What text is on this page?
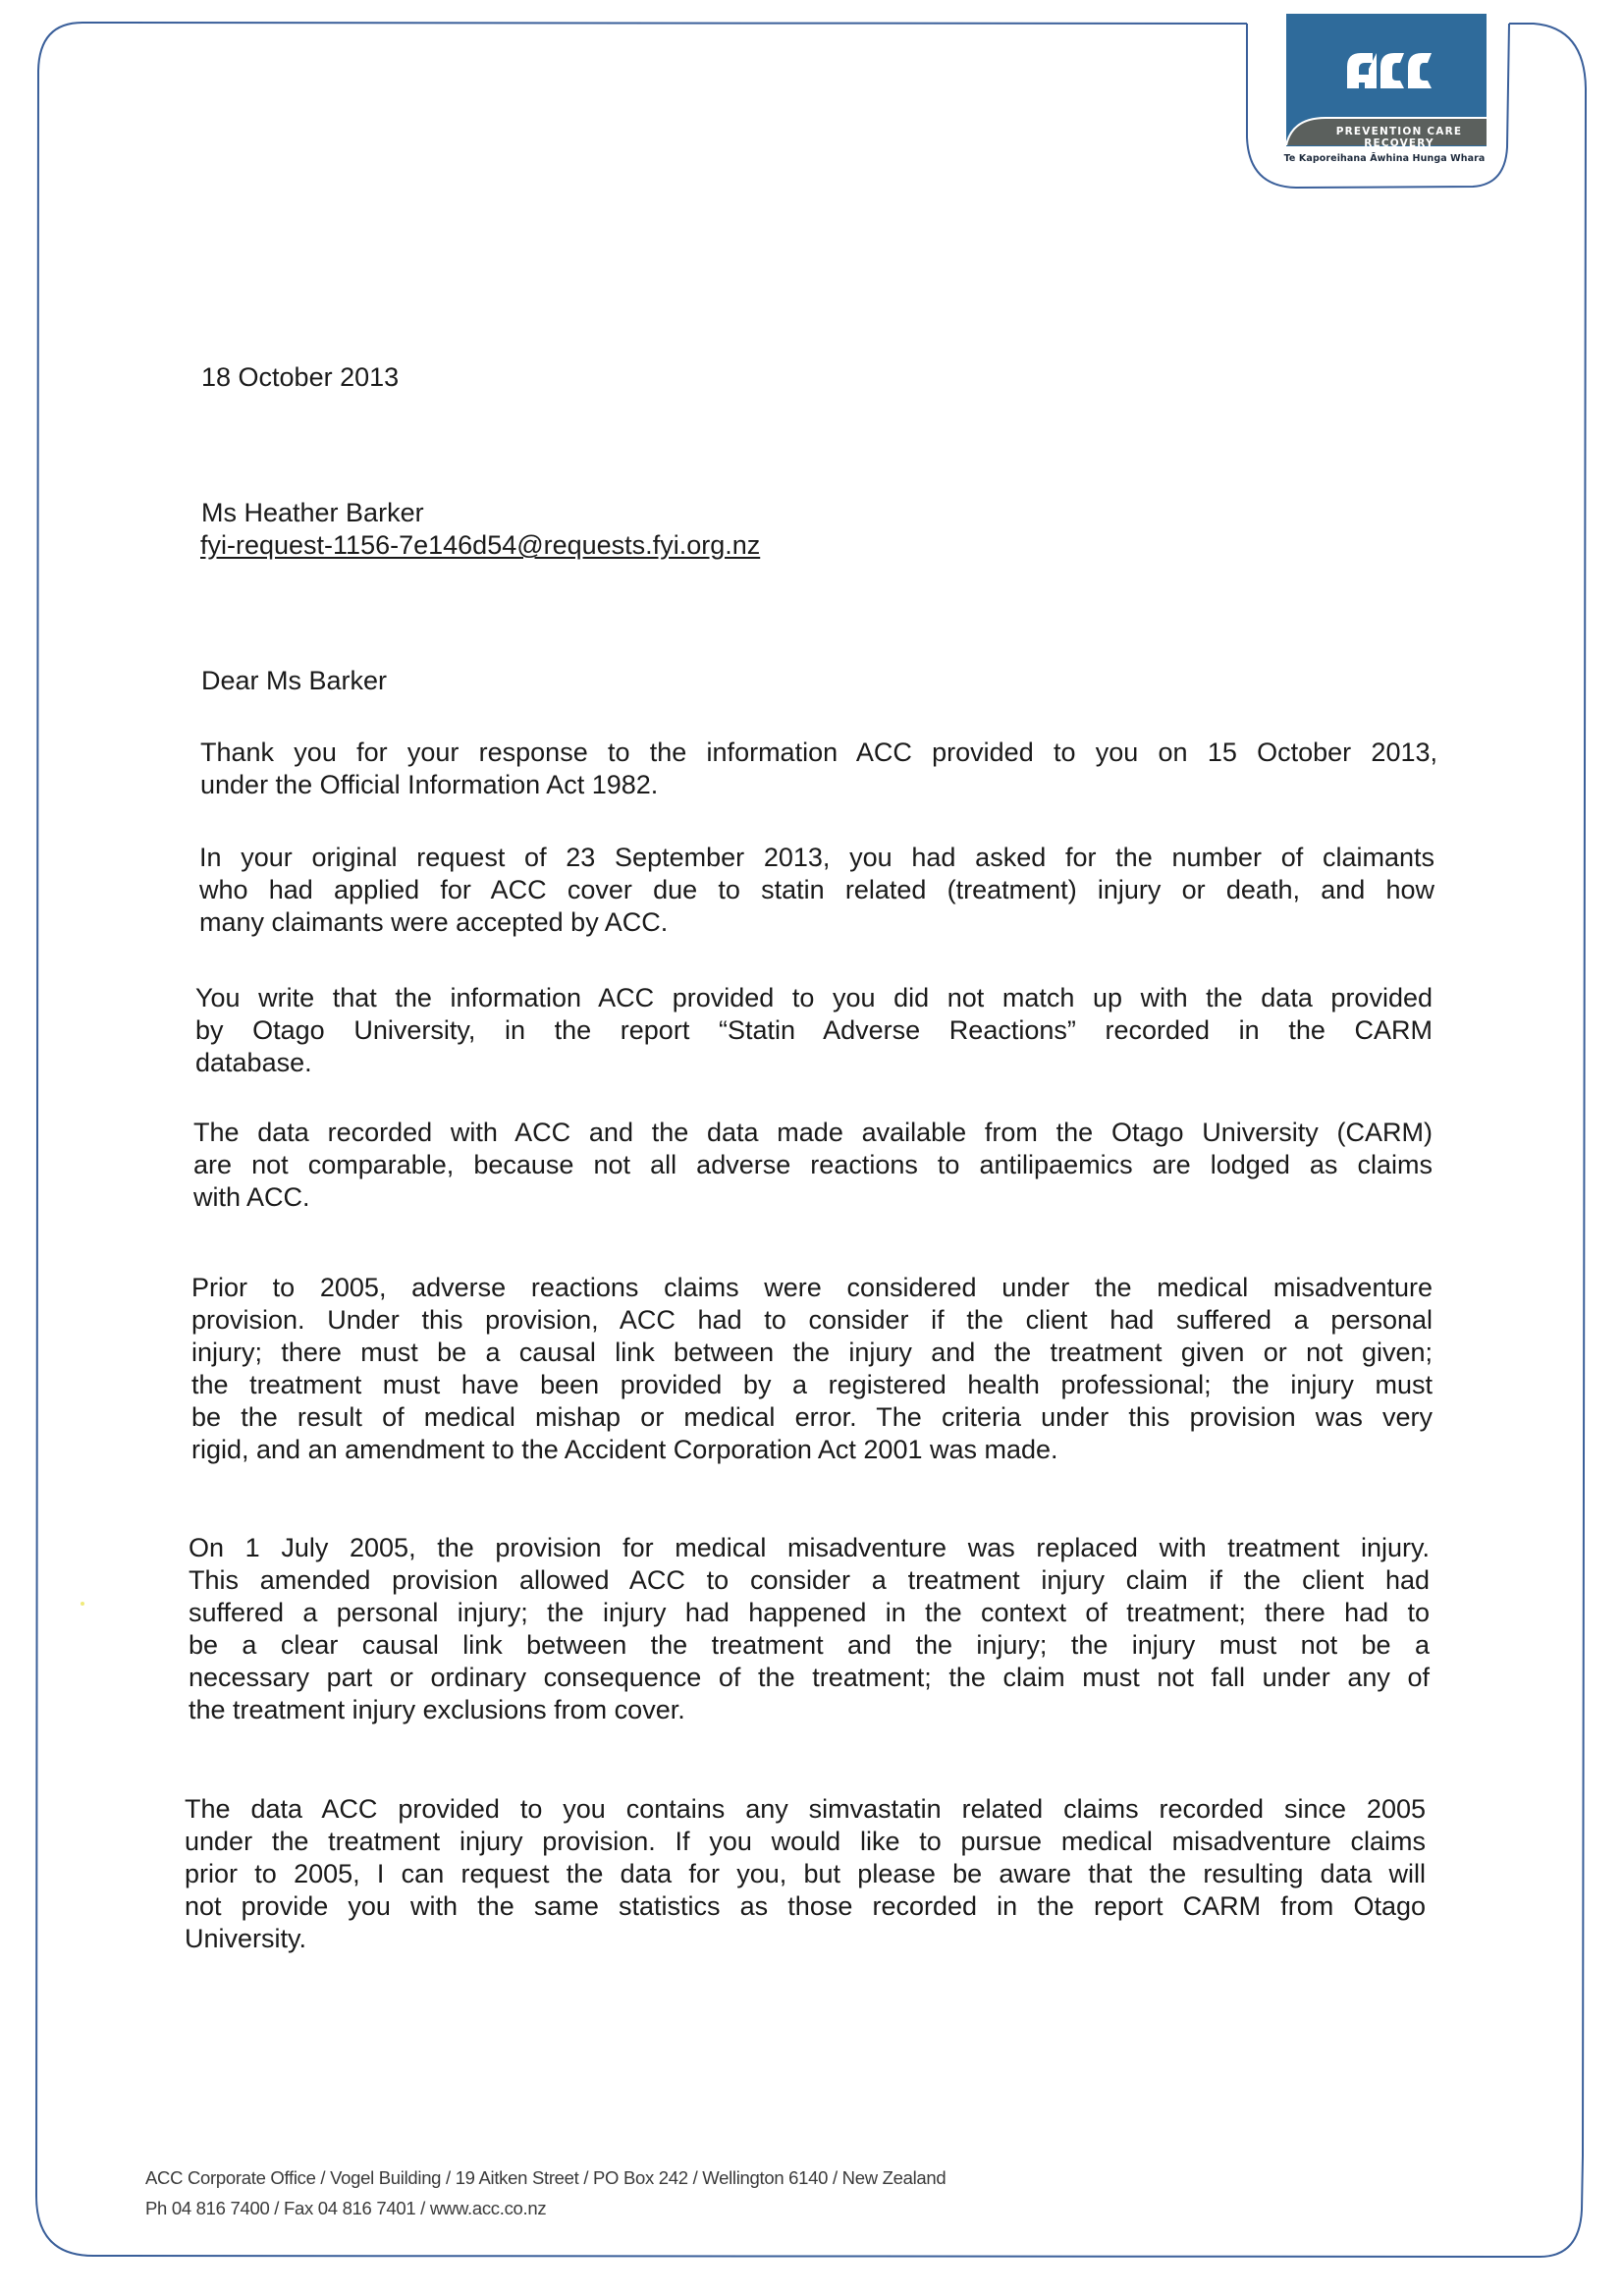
PREVENTION CARE RECOVERY
Te Kaporeihana Āwhina Hunga Whara
18 October 2013
Ms Heather Barker
fyi-request-1156-7e146d54@requests.fyi.org.nz
Dear Ms Barker
Thank you for your response to the information ACC provided to you on 15 October 2013,
under the Official Information Act 1982.
In your original request of 23 September 2013, you had asked for the number of claimants
who had applied for ACC cover due to statin related (treatment) injury or death, and how
many claimants were accepted by ACC.
You write that the information ACC provided to you did not match up with the data provided
by Otago University, in the report “Statin Adverse Reactions” recorded in the CARM
database.
The data recorded with ACC and the data made available from the Otago University (CARM)
are not comparable, because not all adverse reactions to antilipaemics are lodged as claims
with ACC.
Prior to 2005, adverse reactions claims were considered under the medical misadventure
provision. Under this provision, ACC had to consider if the client had suffered a personal
injury; there must be a causal link between the injury and the treatment given or not given;
the treatment must have been provided by a registered health professional; the injury must
be the result of medical mishap or medical error. The criteria under this provision was very
rigid, and an amendment to the Accident Corporation Act 2001 was made.
On 1 July 2005, the provision for medical misadventure was replaced with treatment injury.
This amended provision allowed ACC to consider a treatment injury claim if the client had
suffered a personal injury; the injury had happened in the context of treatment; there had to
be a clear causal link between the treatment and the injury; the injury must not be a
necessary part or ordinary consequence of the treatment; the claim must not fall under any of
the treatment injury exclusions from cover.
The data ACC provided to you contains any simvastatin related claims recorded since 2005
under the treatment injury provision. If you would like to pursue medical misadventure claims
prior to 2005, I can request the data for you, but please be aware that the resulting data will
not provide you with the same statistics as those recorded in the report CARM from Otago
University.
ACC Corporate Office / Vogel Building / 19 Aitken Street / PO Box 242 / Wellington 6140 / New Zealand
Ph 04 816 7400 / Fax 04 816 7401 / www.acc.co.nz
